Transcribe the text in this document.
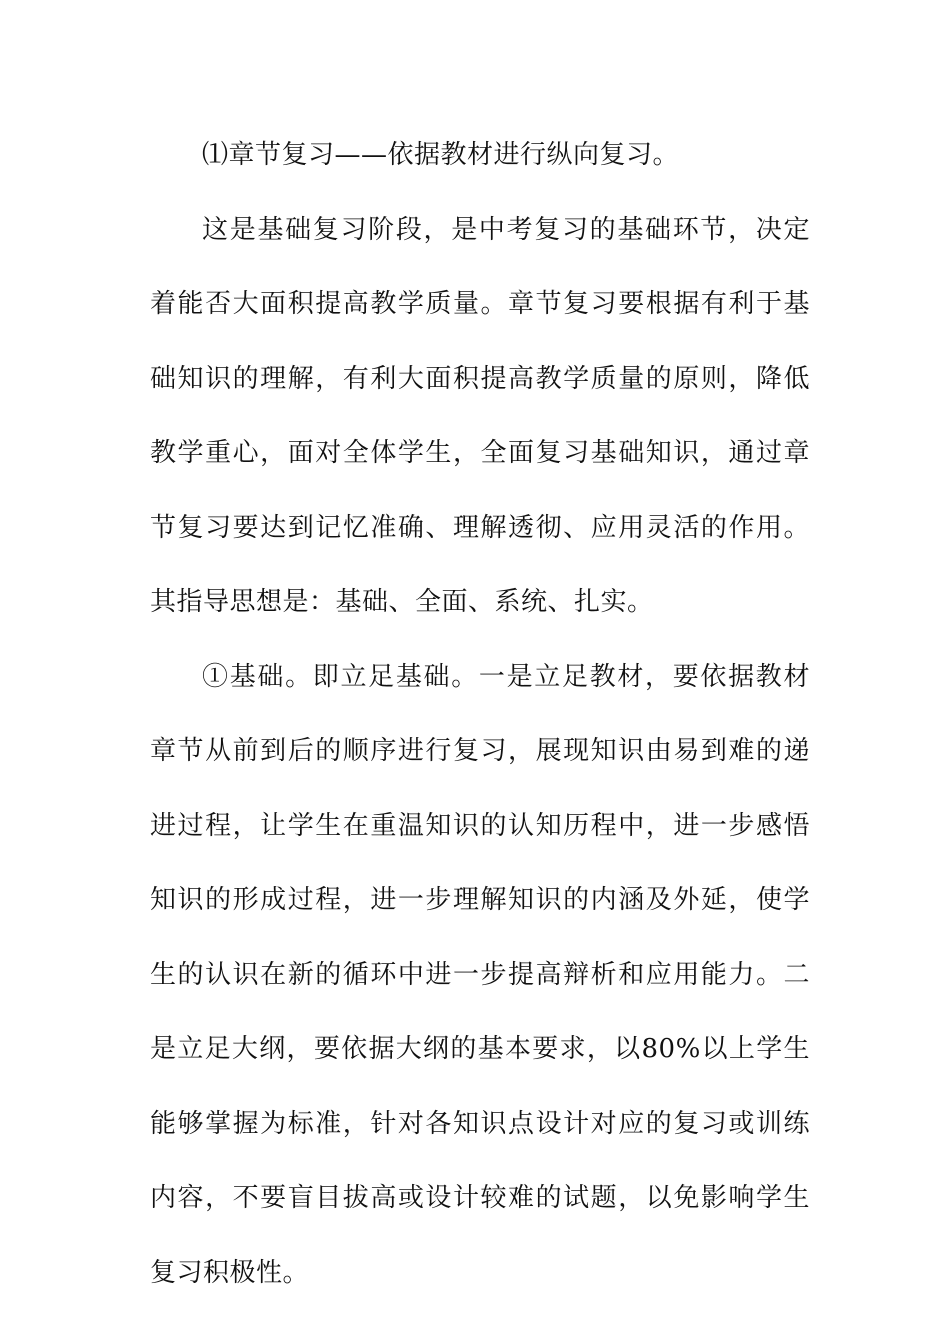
⑴章节复习——依据教材进行纵向复习。

这是基础复习阶段，是中考复习的基础环节，决定着能否大面积提高教学质量。章节复习要根据有利于基础知识的理解，有利大面积提高教学质量的原则，降低教学重心，面对全体学生，全面复习基础知识，通过章节复习要达到记忆准确、理解透彻、应用灵活的作用。其指导思想是：基础、全面、系统、扎实。

①基础。即立足基础。一是立足教材，要依据教材章节从前到后的顺序进行复习，展现知识由易到难的递进过程，让学生在重温知识的认知历程中，进一步感悟知识的形成过程，进一步理解知识的内涵及外延，使学生的认识在新的循环中进一步提高辩析和应用能力。二是立足大纲，要依据大纲的基本要求，以80%以上学生能够掌握为标准，针对各知识点设计对应的复习或训练内容，不要盲目拔高或设计较难的试题，以免影响学生复习积极性。
